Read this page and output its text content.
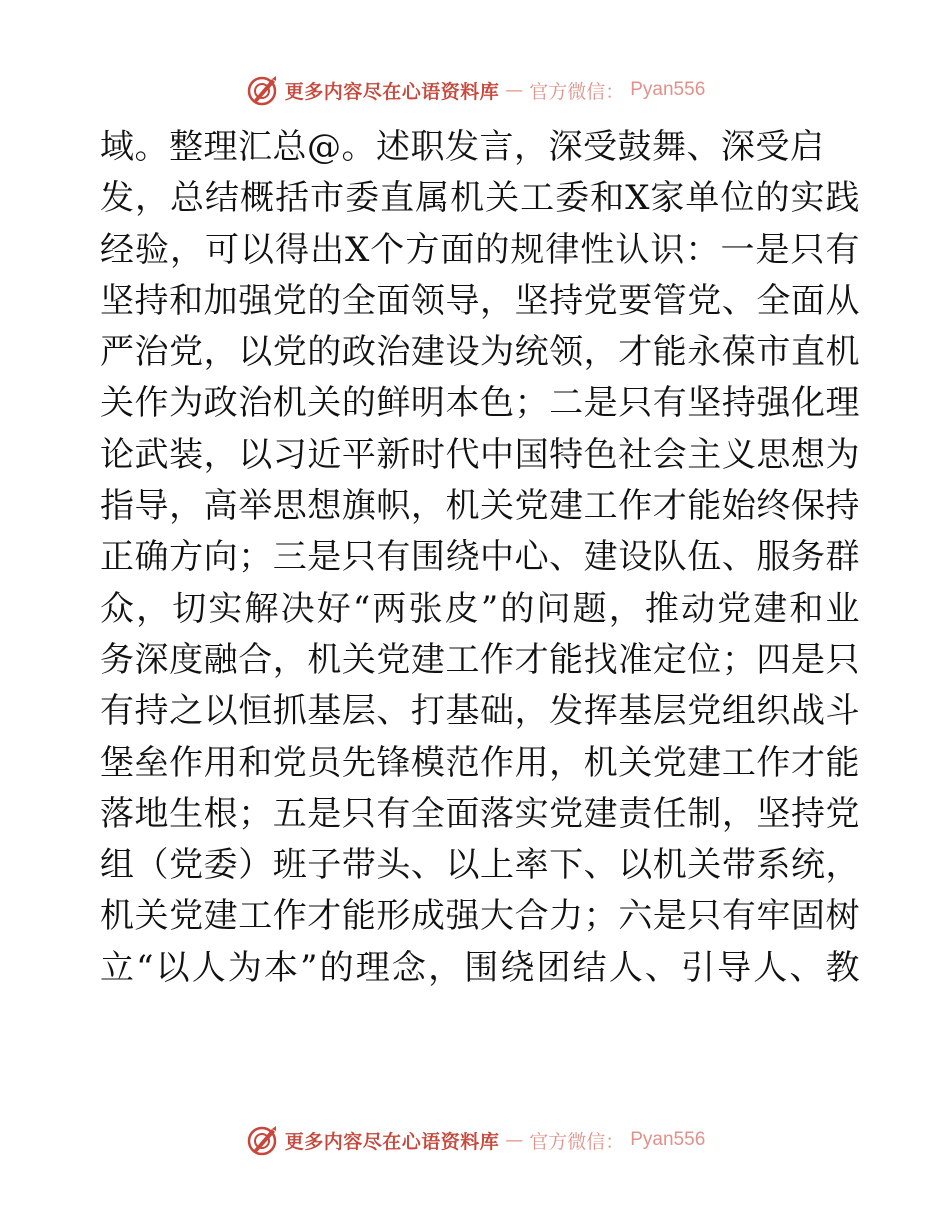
更多内容尽在心语资料库 — 官方微信： Pyan556
域。整理汇总@。述职发言，深受鼓舞、深受启
发，总结概括市委直属机关工委和X家单位的实践
经验，可以得出X个方面的规律性认识：一是只有
坚持和加强党的全面领导，坚持党要管党、全面从
严治党，以党的政治建设为统领，才能永葆市直机
关作为政治机关的鲜明本色；二是只有坚持强化理
论武装，以习近平新时代中国特色社会主义思想为
指导，高举思想旗帜，机关党建工作才能始终保持
正确方向；三是只有围绕中心、建设队伍、服务群
众，切实解决好“两张皮”的问题，推动党建和业
务深度融合，机关党建工作才能找准定位；四是只
有持之以恒抓基层、打基础，发挥基层党组织战斗
堡垒作用和党员先锋模范作用，机关党建工作才能
落地生根；五是只有全面落实党建责任制，坚持党
组（党委）班子带头、以上率下、以机关带系统，
机关党建工作才能形成强大合力；六是只有牢固树
立“以人为本”的理念，围绕团结人、引导人、教
更多内容尽在心语资料库 — 官方微信： Pyan556
